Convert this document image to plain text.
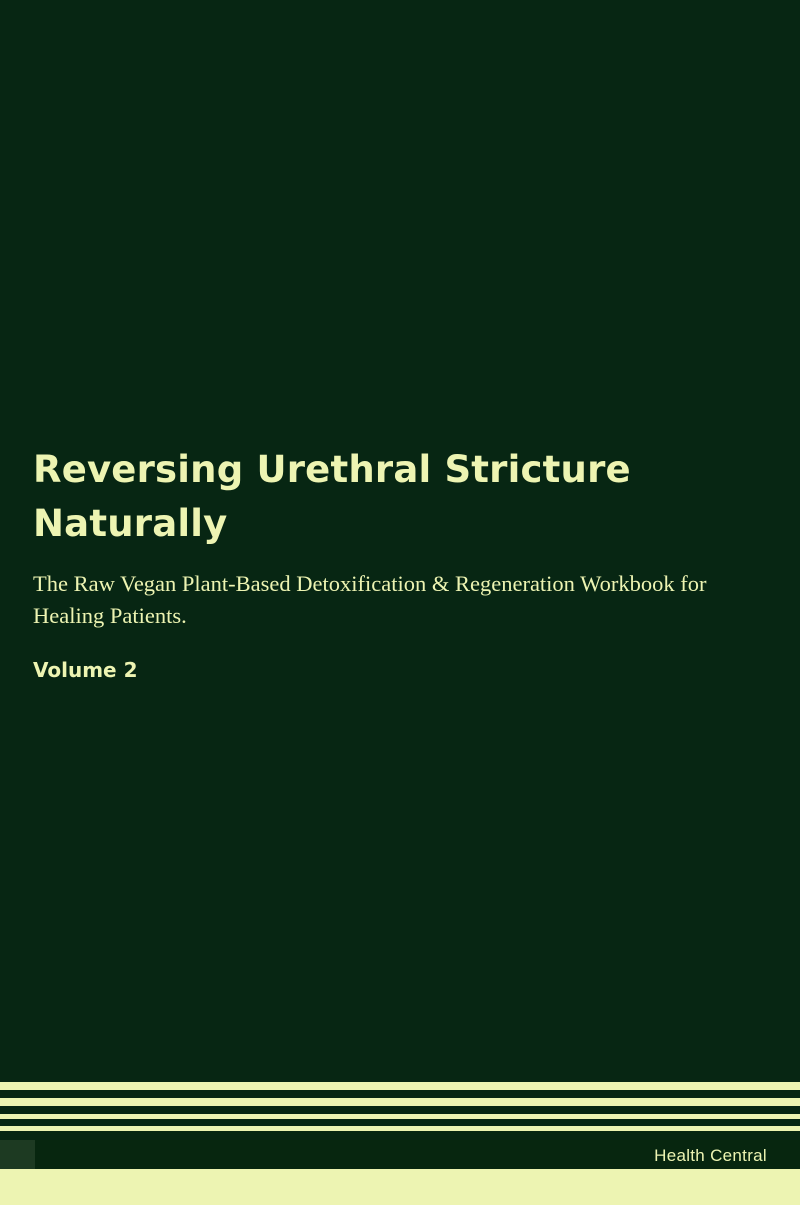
Reversing Urethral Stricture Naturally

The Raw Vegan Plant-Based Detoxification & Regeneration Workbook for Healing Patients.

Volume 2

Health Central
